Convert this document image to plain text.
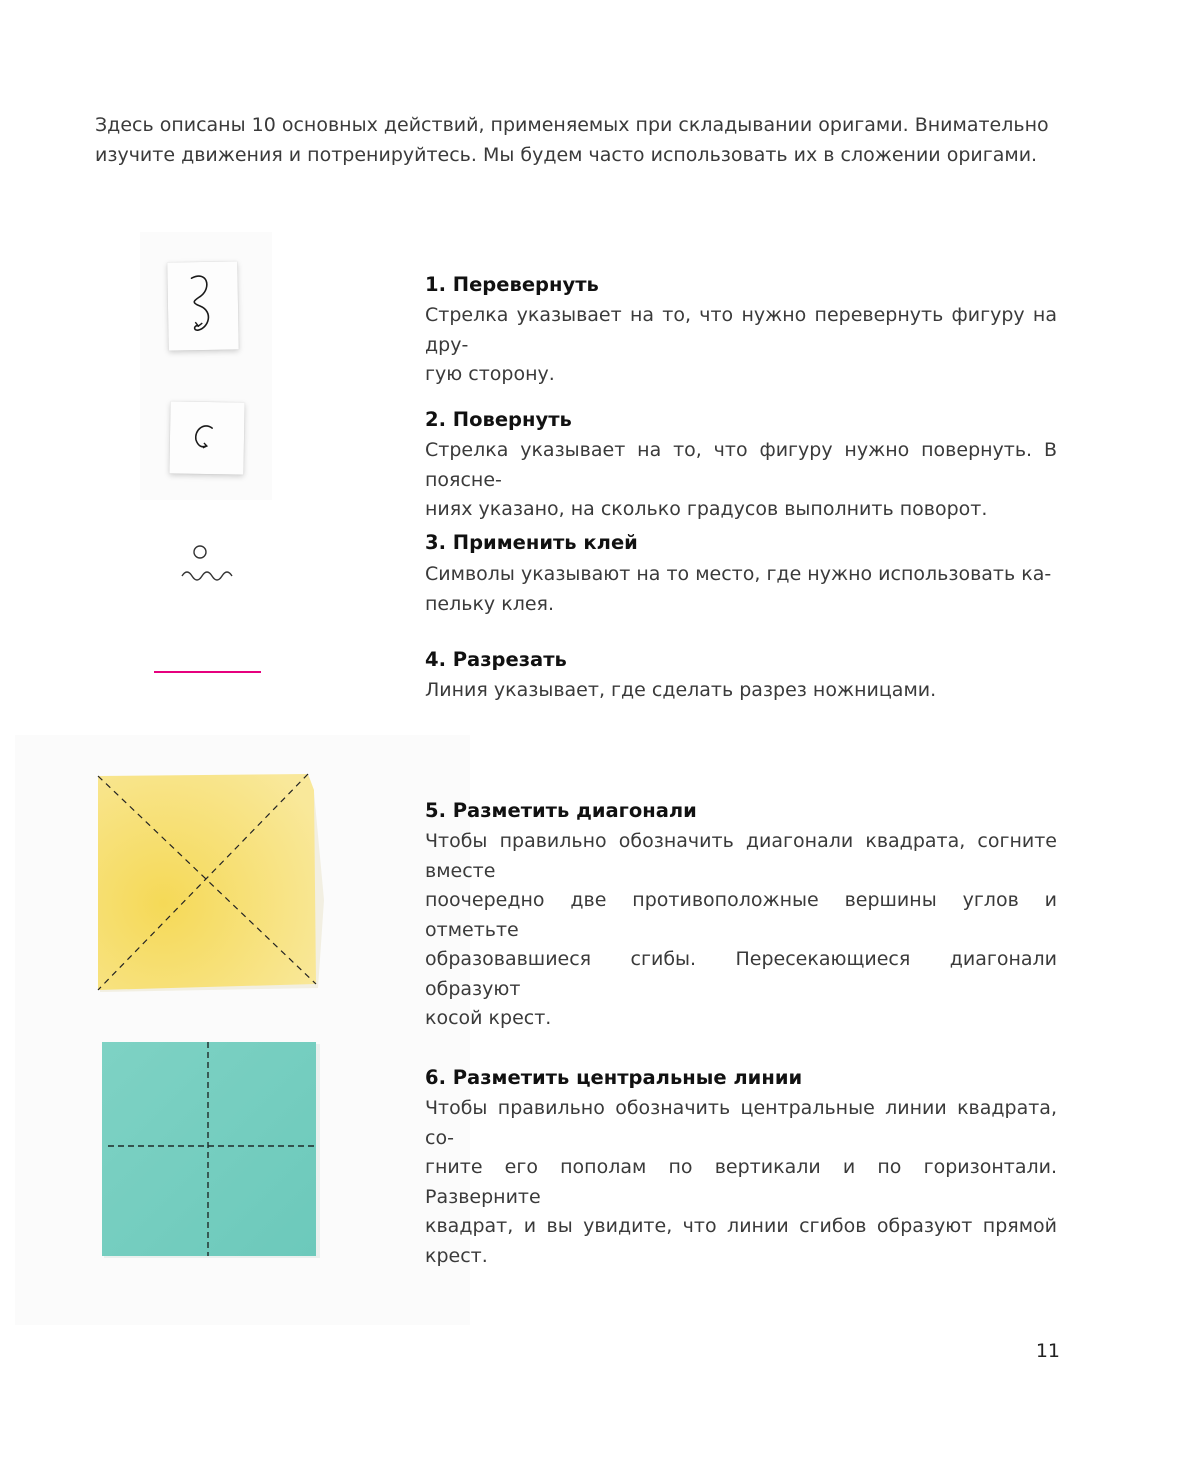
Здесь описаны 10 основных действий, применяемых при складывании оригами. Внимательно
изучите движения и потренируйтесь. Мы будем часто использовать их в сложении оригами.

1. Перевернуть

Стрелка указывает на то, что нужно перевернуть фигуру на дру-
гую сторону.

2. Повернуть

Стрелка указывает на то, что фигуру нужно повернуть. В поясне-
ниях указано, на сколько градусов выполнить поворот.

3. Применить клей

Символы указывают на то место, где нужно использовать ка-
пельку клея.

4. Разрезать

Линия указывает, где сделать разрез ножницами.

5. Разметить диагонали

Чтобы правильно обозначить диагонали квадрата, согните вместе
поочередно две противоположные вершины углов и отметьте
образовавшиеся сгибы. Пересекающиеся диагонали образуют
косой крест.

6. Разметить центральные линии

Чтобы правильно обозначить центральные линии квадрата, со-
гните его пополам по вертикали и по горизонтали. Разверните
квадрат, и вы увидите, что линии сгибов образуют прямой крест.

11
